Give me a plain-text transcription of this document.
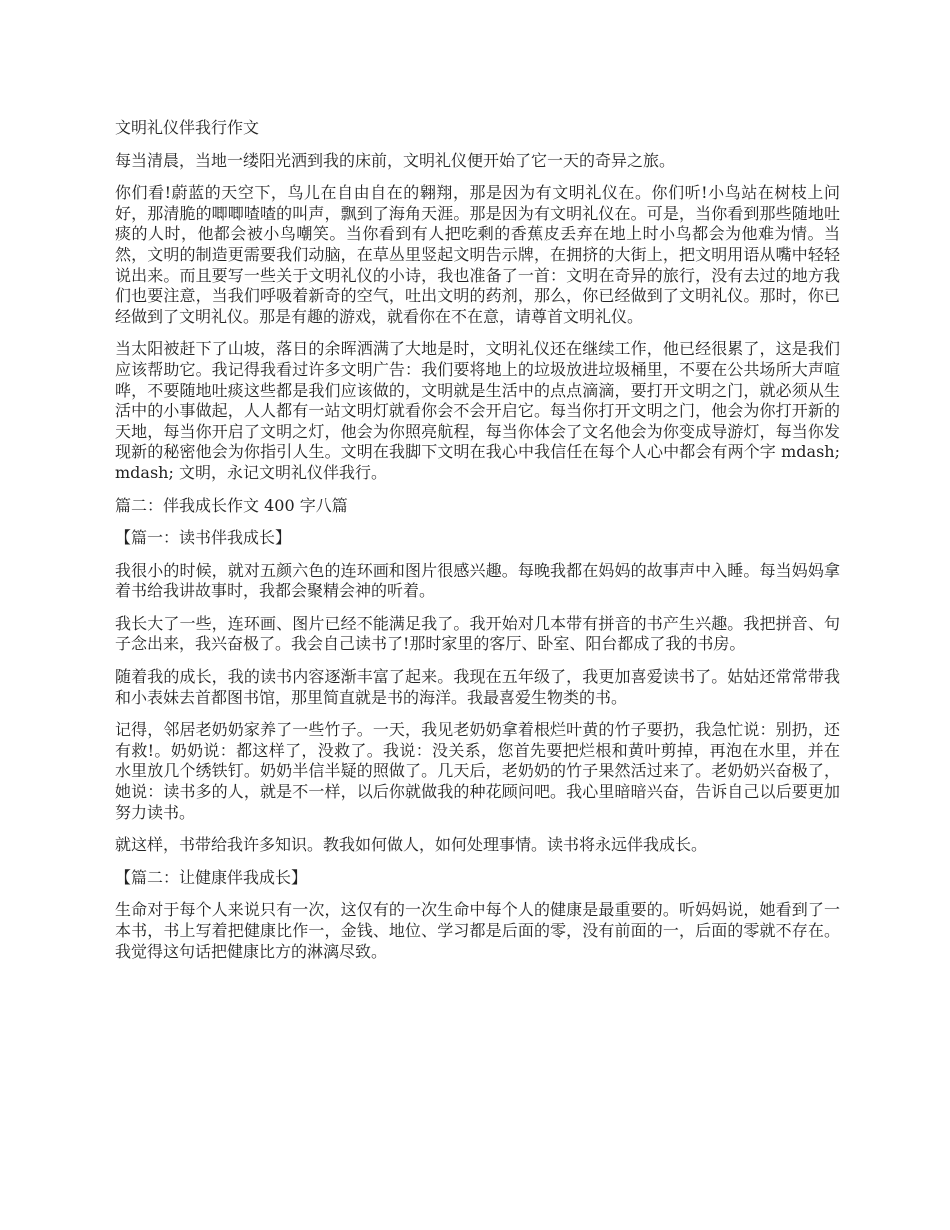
文明礼仪伴我行作文

每当清晨，当地一缕阳光洒到我的床前，文明礼仪便开始了它一天的奇异之旅。

你们看!蔚蓝的天空下，鸟儿在自由自在的翱翔，那是因为有文明礼仪在。你们听!小鸟站在树枝上问好，那清脆的唧唧喳喳的叫声，飘到了海角天涯。那是因为有文明礼仪在。可是，当你看到那些随地吐痰的人时，他都会被小鸟嘲笑。当你看到有人把吃剩的香蕉皮丢弃在地上时小鸟都会为他难为情。当然，文明的制造更需要我们动脑，在草丛里竖起文明告示牌，在拥挤的大街上，把文明用语从嘴中轻轻说出来。而且要写一些关于文明礼仪的小诗，我也准备了一首：文明在奇异的旅行，没有去过的地方我们也要注意，当我们呼吸着新奇的空气，吐出文明的药剂，那么，你已经做到了文明礼仪。那时，你已经做到了文明礼仪。那是有趣的游戏，就看你在不在意，请尊首文明礼仪。

当太阳被赶下了山坡，落日的余晖洒满了大地是时，文明礼仪还在继续工作，他已经很累了，这是我们应该帮助它。我记得我看过许多文明广告：我们要将地上的垃圾放进垃圾桶里，不要在公共场所大声喧哗，不要随地吐痰这些都是我们应该做的，文明就是生活中的点点滴滴，要打开文明之门，就必须从生活中的小事做起，人人都有一站文明灯就看你会不会开启它。每当你打开文明之门，他会为你打开新的天地，每当你开启了文明之灯，他会为你照亮航程，每当你体会了文名他会为你变成导游灯，每当你发现新的秘密他会为你指引人生。文明在我脚下文明在我心中我信任在每个人心中都会有两个字 mdash;mdash; 文明，永记文明礼仪伴我行。

篇二：伴我成长作文 400 字八篇

【篇一：读书伴我成长】

我很小的时候，就对五颜六色的连环画和图片很感兴趣。每晚我都在妈妈的故事声中入睡。每当妈妈拿着书给我讲故事时，我都会聚精会神的听着。

我长大了一些，连环画、图片已经不能满足我了。我开始对几本带有拼音的书产生兴趣。我把拼音、句子念出来，我兴奋极了。我会自己读书了!那时家里的客厅、卧室、阳台都成了我的书房。

随着我的成长，我的读书内容逐渐丰富了起来。我现在五年级了，我更加喜爱读书了。姑姑还常常带我和小表妹去首都图书馆，那里简直就是书的海洋。我最喜爱生物类的书。

记得，邻居老奶奶家养了一些竹子。一天，我见老奶奶拿着根烂叶黄的竹子要扔，我急忙说：别扔，还有救!。奶奶说：都这样了，没救了。我说：没关系，您首先要把烂根和黄叶剪掉，再泡在水里，并在水里放几个绣铁钉。奶奶半信半疑的照做了。几天后，老奶奶的竹子果然活过来了。老奶奶兴奋极了，她说：读书多的人，就是不一样，以后你就做我的种花顾问吧。我心里暗暗兴奋，告诉自己以后要更加努力读书。

就这样，书带给我许多知识。教我如何做人，如何处理事情。读书将永远伴我成长。

【篇二：让健康伴我成长】

生命对于每个人来说只有一次，这仅有的一次生命中每个人的健康是最重要的。听妈妈说，她看到了一本书，书上写着把健康比作一，金钱、地位、学习都是后面的零，没有前面的一，后面的零就不存在。我觉得这句话把健康比方的淋漓尽致。
